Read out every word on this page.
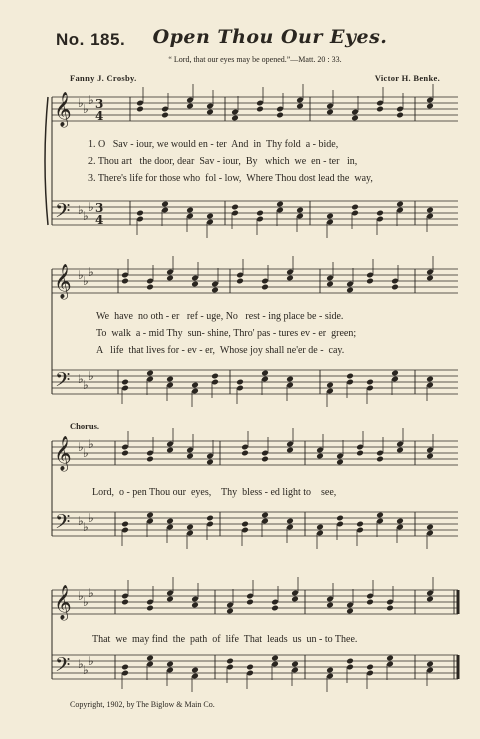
No. 185. Open Thou Our Eyes.
“ Lord, that our eyes may be opened.”—Matt. 20 : 33.
Fanny J. Crosby.	Victor H. Benke.
𝄞
𝄢
♭ ♭
♭
♭ ♭
♭
3
4
3
4
𝄞
𝄢
♭ ♭
♭
♭ ♭
♭
𝄞
𝄢
♭ ♭
♭
♭ ♭
♭
𝄞
𝄢
♭ ♭
♭
♭ ♭
♭
1. O   Sav - iour, we would en - ter  And  in  Thy fold  a - bide,
2. Thou art   the door, dear  Sav - iour,  By   which  we  en - ter   in,
3. There's life for those who  fol - low,  Where Thou dost lead the  way,
We  have  no oth - er   ref - uge, No   rest - ing place be - side.
To  walk  a - mid Thy  sun- shine, Thro' pas - tures ev - er  green;
A   life  that lives for - ev - er,  Whose joy shall ne'er de -  cay.
Chorus.
Lord,  o - pen Thou our  eyes,    Thy  bless - ed light to    see,
That  we  may find  the  path  of  life  That  leads  us  un - to Thee.
Copyright, 1902, by The Biglow & Main Co.
